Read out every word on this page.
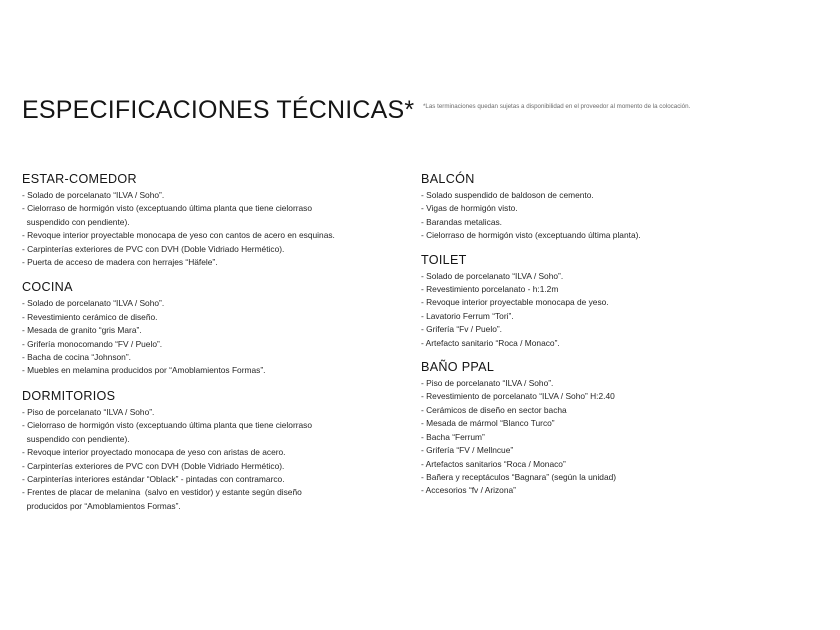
ESPECIFICACIONES TÉCNICAS* *Las terminaciones quedan sujetas a disponibilidad en el proveedor al momento de la colocación.
ESTAR-COMEDOR
- Solado de porcelanato “ILVA / Soho”.
- Cielorraso de hormigón visto (exceptuando última planta que tiene cielorraso
suspendido con pendiente).
- Revoque interior proyectable monocapa de yeso con cantos de acero en esquinas.
- Carpinterías exteriores de PVC con DVH (Doble Vidriado Hermético).
- Puerta de acceso de madera con herrajes “Häfele”.
COCINA
- Solado de porcelanato “ILVA / Soho”.
- Revestimiento cerámico de diseño.
- Mesada de granito “gris Mara”.
- Grifería monocomando “FV / Puelo”.
- Bacha de cocina “Johnson”.
- Muebles en melamina producidos por “Amoblamientos Formas”.
DORMITORIOS
- Piso de porcelanato “ILVA / Soho”.
- Cielorraso de hormigón visto (exceptuando última planta que tiene cielorraso
suspendido con pendiente).
- Revoque interior proyectado monocapa de yeso con aristas de acero.
- Carpinterías exteriores de PVC con DVH (Doble Vidriado Hermético).
- Carpinterías interiores estándar “Oblack” - pintadas con contramarco.
- Frentes de placar de melanina  (salvo en vestidor) y estante según diseño
producidos por “Amoblamientos Formas”.
BALCÓN
- Solado suspendido de baldoson de cemento.
- Vigas de hormigón visto.
- Barandas metalicas.
- Cielorraso de hormigón visto (exceptuando última planta).
TOILET
- Solado de porcelanato “ILVA / Soho”.
- Revestimiento porcelanato - h:1.2m
- Revoque interior proyectable monocapa de yeso.
- Lavatorio Ferrum “Tori”.
- Grifería “Fv / Puelo”.
- Artefacto sanitario “Roca / Monaco”.
BAÑO PPAL
- Piso de porcelanato “ILVA / Soho”.
- Revestimiento de porcelanato “ILVA / Soho” H:2.40
- Cerámicos de diseño en sector bacha
- Mesada de mármol “Blanco Turco”
- Bacha “Ferrum”
- Grifería “FV / Mellncue”
- Artefactos sanitarios “Roca / Monaco”
- Bañera y receptáculos “Bagnara” (según la unidad)
- Accesorios “fv / Arizona”
